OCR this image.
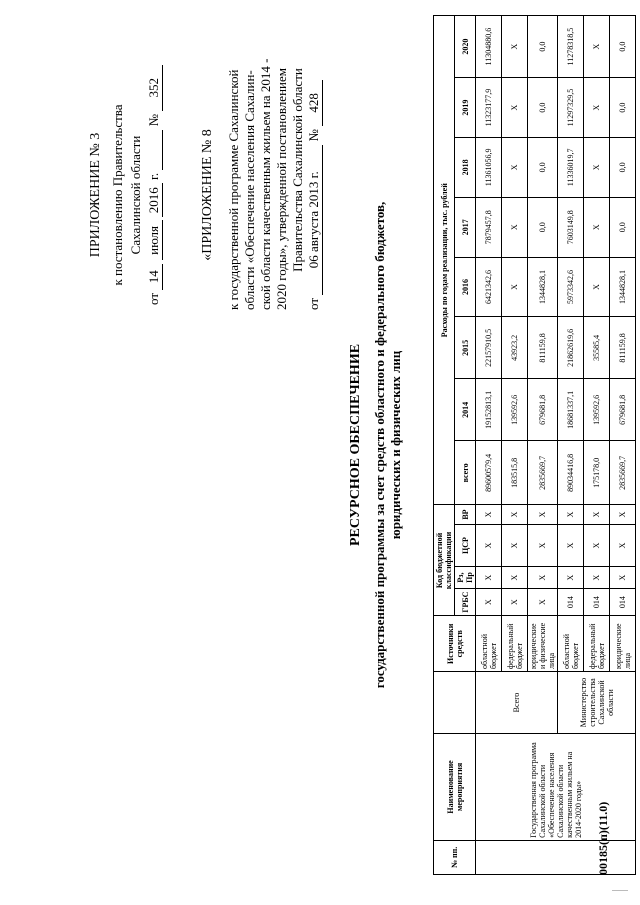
ПРИЛОЖЕНИЕ № 3 к постановлению Правительства Сахалинской области
от 14 июля 2016 г.   № 352
«ПРИЛОЖЕНИЕ № 8 к государственной программе Сахалинской области «Обеспечение населения Сахалин- ской области качественным жильем на 2014 - 2020 годы», утвержденной постановлением Правительства Сахалинской области
от 06 августа 2013 г. № 428
РЕСУРСНОЕ ОБЕСПЕЧЕНИЕ государственной программы за счет средств областного и федерального бюджетов, юридических и физических лиц
№ пп.	Наименование мероприятия		Источники средств	Код бюджетной классификации				Расходы по годам реализации, тыс. рублей							
				ГРБС	Рз, Пр	ЦСР	ВР	всего	2014	2015	2016	2017	2018	2019	2020
	Государственная программа Сахалинской области «Обеспечение населения Сахалинской области качественным жильем на 2014-2020 годы»	Всего	областной бюджет	Х	Х	Х	Х	89600579,4	19152813,1	22157910,5	6421342,6	7879457,8	11361056,9	11323177,9	11304880,6
			федеральный бюджет	Х	Х	Х	Х	183515,8	139592,6	43923,2	Х	Х	Х	Х	Х
			юридические и физические лица	Х	Х	Х	Х	2835669,7	679681,8	811159,8	1344828,1	0,0	0,0	0,0	0,0
		Министерство строительства Сахалинской области	областной бюджет	014	Х	Х	Х	89034416,8	18681337,1	21862619,6	5973342,6	7603149,8	11336019,7	11297329,5	11278318,5
			федеральный бюджет	014	Х	Х	Х	175178,0	139592,6	35585,4	Х	Х	Х	Х	Х
			юридические лица	014	Х	Х	Х	2835669,7	679681,8	811159,8	1344828,1	0,0	0,0	0,0	0,0
00185(п)(11.0)
